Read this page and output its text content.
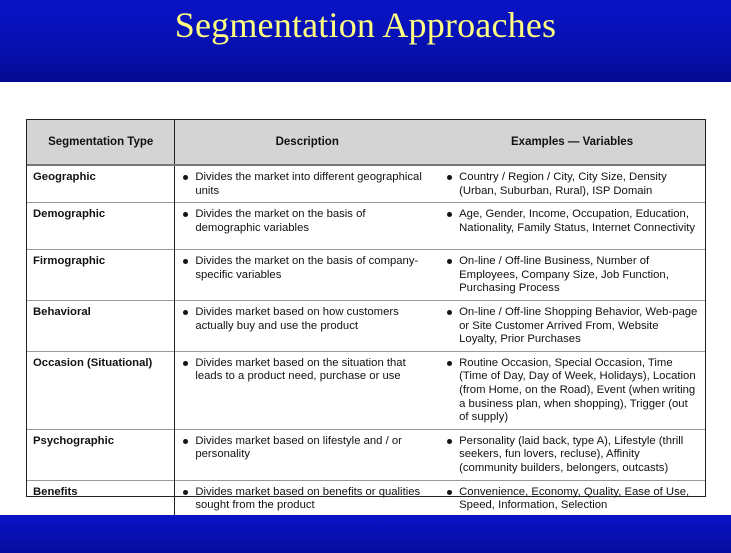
Segmentation Approaches
Segmentation Type	Description	Examples — Variables
Geographic	Divides the market into different geographical units	Country / Region / City, City Size, Density (Urban, Suburban, Rural), ISP Domain
Demographic	Divides the market on the basis of demographic variables	Age, Gender, Income, Occupation, Education, Nationality, Family Status, Internet Connectivity
Firmographic	Divides the market on the basis of company-specific variables	On-line / Off-line Business, Number of Employees, Company Size, Job Function, Purchasing Process
Behavioral	Divides market based on how customers actually buy and use the product	On-line / Off-line Shopping Behavior, Web-page or Site Customer Arrived From, Website Loyalty, Prior Purchases
Occasion (Situational)	Divides market based on the situation that leads to a product need, purchase or use	Routine Occasion, Special Occasion, Time (Time of Day, Day of Week, Holidays), Location (from Home, on the Road), Event (when writing a business plan, when shopping), Trigger (out of supply)
Psychographic	Divides market based on lifestyle and / or personality	Personality (laid back, type A), Lifestyle (thrill seekers, fun lovers, recluse), Affinity (community builders, belongers, outcasts)
Benefits	Divides market based on benefits or qualities sought from the product	Convenience, Economy, Quality, Ease of Use, Speed, Information, Selection
